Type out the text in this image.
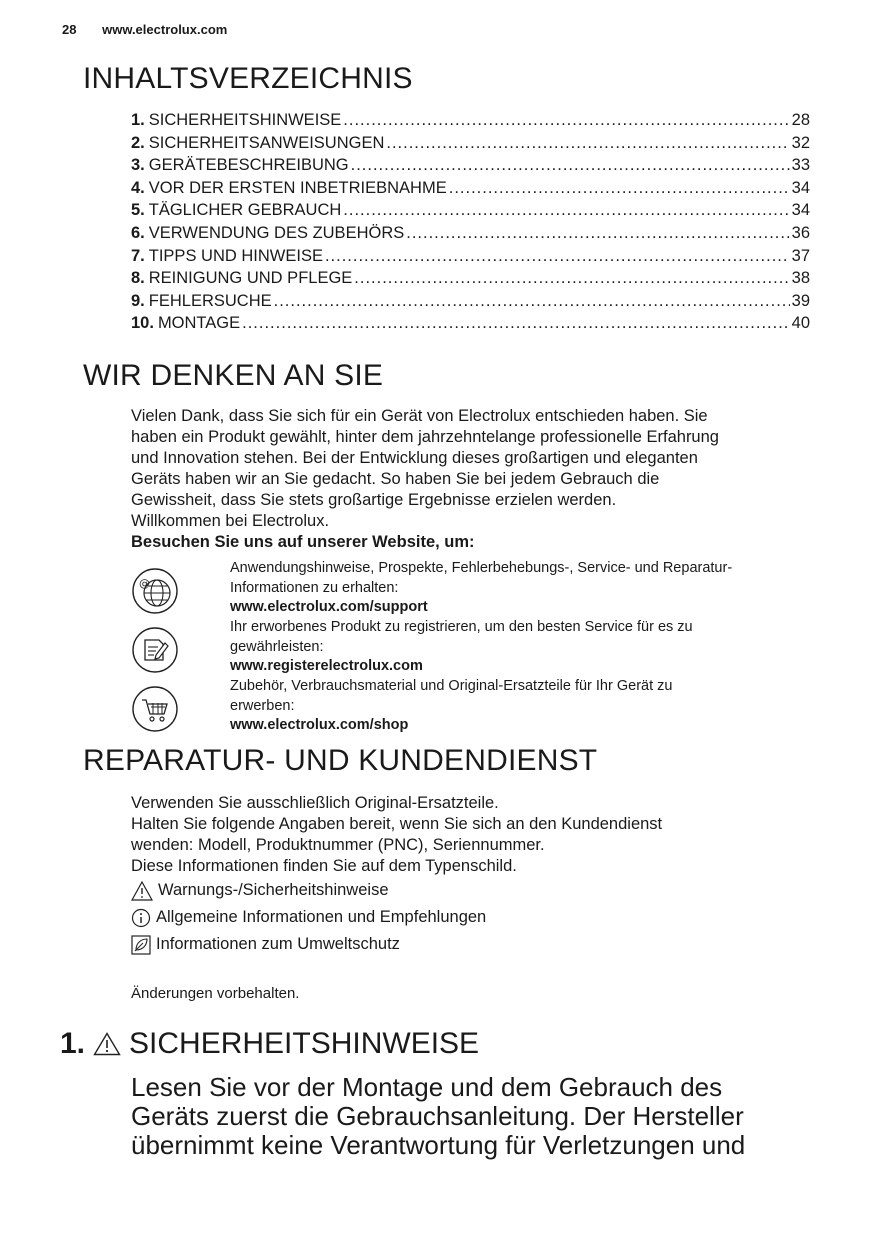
28 www.electrolux.com
INHALTSVERZEICHNIS
1. SICHERHEITSHINWEISE .....	28
2. SICHERHEITSANWEISUNGEN .....	32
3. GERÄTEBESCHREIBUNG .....	33
4. VOR DER ERSTEN INBETRIEBNAHME .....	34
5. TÄGLICHER GEBRAUCH .....	34
6. VERWENDUNG DES ZUBEHÖRS .....	36
7. TIPPS UND HINWEISE .....	37
8. REINIGUNG UND PFLEGE .....	38
9. FEHLERSUCHE .....	39
10. MONTAGE .....	40
WIR DENKEN AN SIE
Vielen Dank, dass Sie sich für ein Gerät von Electrolux entschieden haben. Sie
haben ein Produkt gewählt, hinter dem jahrzehntelange professionelle Erfahrung
und Innovation stehen. Bei der Entwicklung dieses großartigen und eleganten
Geräts haben wir an Sie gedacht. So haben Sie bei jedem Gebrauch die
Gewissheit, dass Sie stets großartige Ergebnisse erzielen werden.
Willkommen bei Electrolux.
Besuchen Sie uns auf unserer Website, um:
@
Anwendungshinweise, Prospekte, Fehlerbehebungs-, Service- und Reparatur-
Informationen zu erhalten:
www.electrolux.com/support
Ihr erworbenes Produkt zu registrieren, um den besten Service für es zu
gewährleisten:
www.registerelectrolux.com
Zubehör, Verbrauchsmaterial und Original-Ersatzteile für Ihr Gerät zu
erwerben:
www.electrolux.com/shop
REPARATUR- UND KUNDENDIENST
Verwenden Sie ausschließlich Original-Ersatzteile.
Halten Sie folgende Angaben bereit, wenn Sie sich an den Kundendienst
wenden: Modell, Produktnummer (PNC), Seriennummer.
Diese Informationen finden Sie auf dem Typenschild.
Warnungs-/Sicherheitshinweise
Allgemeine Informationen und Empfehlungen
Informationen zum Umweltschutz
Änderungen vorbehalten.
1. SICHERHEITSHINWEISE
Lesen Sie vor der Montage und dem Gebrauch des
Geräts zuerst die Gebrauchsanleitung. Der Hersteller
übernimmt keine Verantwortung für Verletzungen und
